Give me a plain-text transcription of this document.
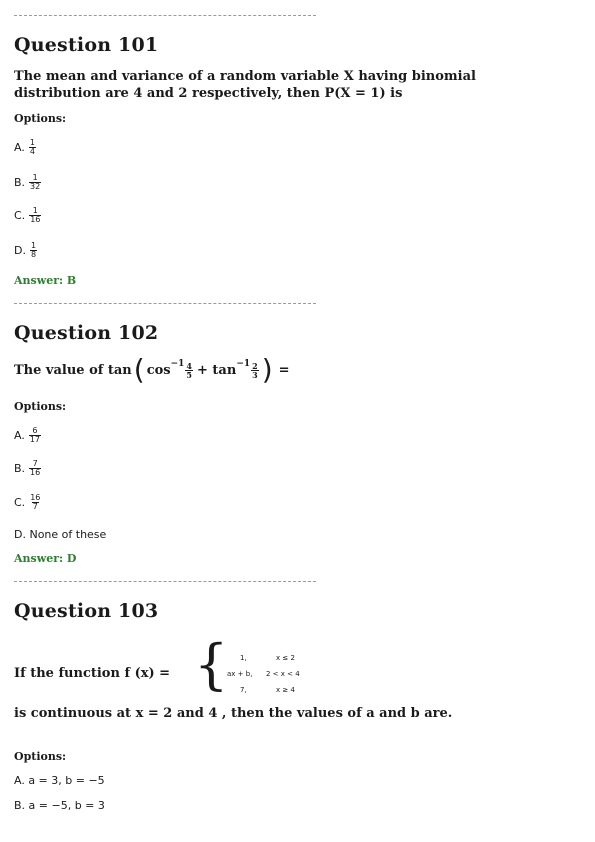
Question 101
The mean and variance of a random variable X having binomial
distribution are 4 and 2 respectively, then P(X = 1) is
Options:
A. $\frac{1}{4}$
B. $\frac{1}{32}$
C. $\frac{1}{16}$
D. $\frac{1}{8}$
Answer: B
Question 102
The value of tan ( $\cos -1 \frac{4}{5} + \tan -1 \frac{2}{3}$ ) =
Options:
A. $\frac{6}{17}$
B. $\frac{7}{16}$
C. $\frac{16}{7}$
D. None of these
Answer: D
Question 103
If the function f (x) = { 1,	x ≤ 2
ax + b, 2 < x < 4
7,	x ≥ 4
is continuous at x = 2 and 4 , then the values of a and b are.
Options:
A. a = 3, b = −5
B. a = −5, b = 3
